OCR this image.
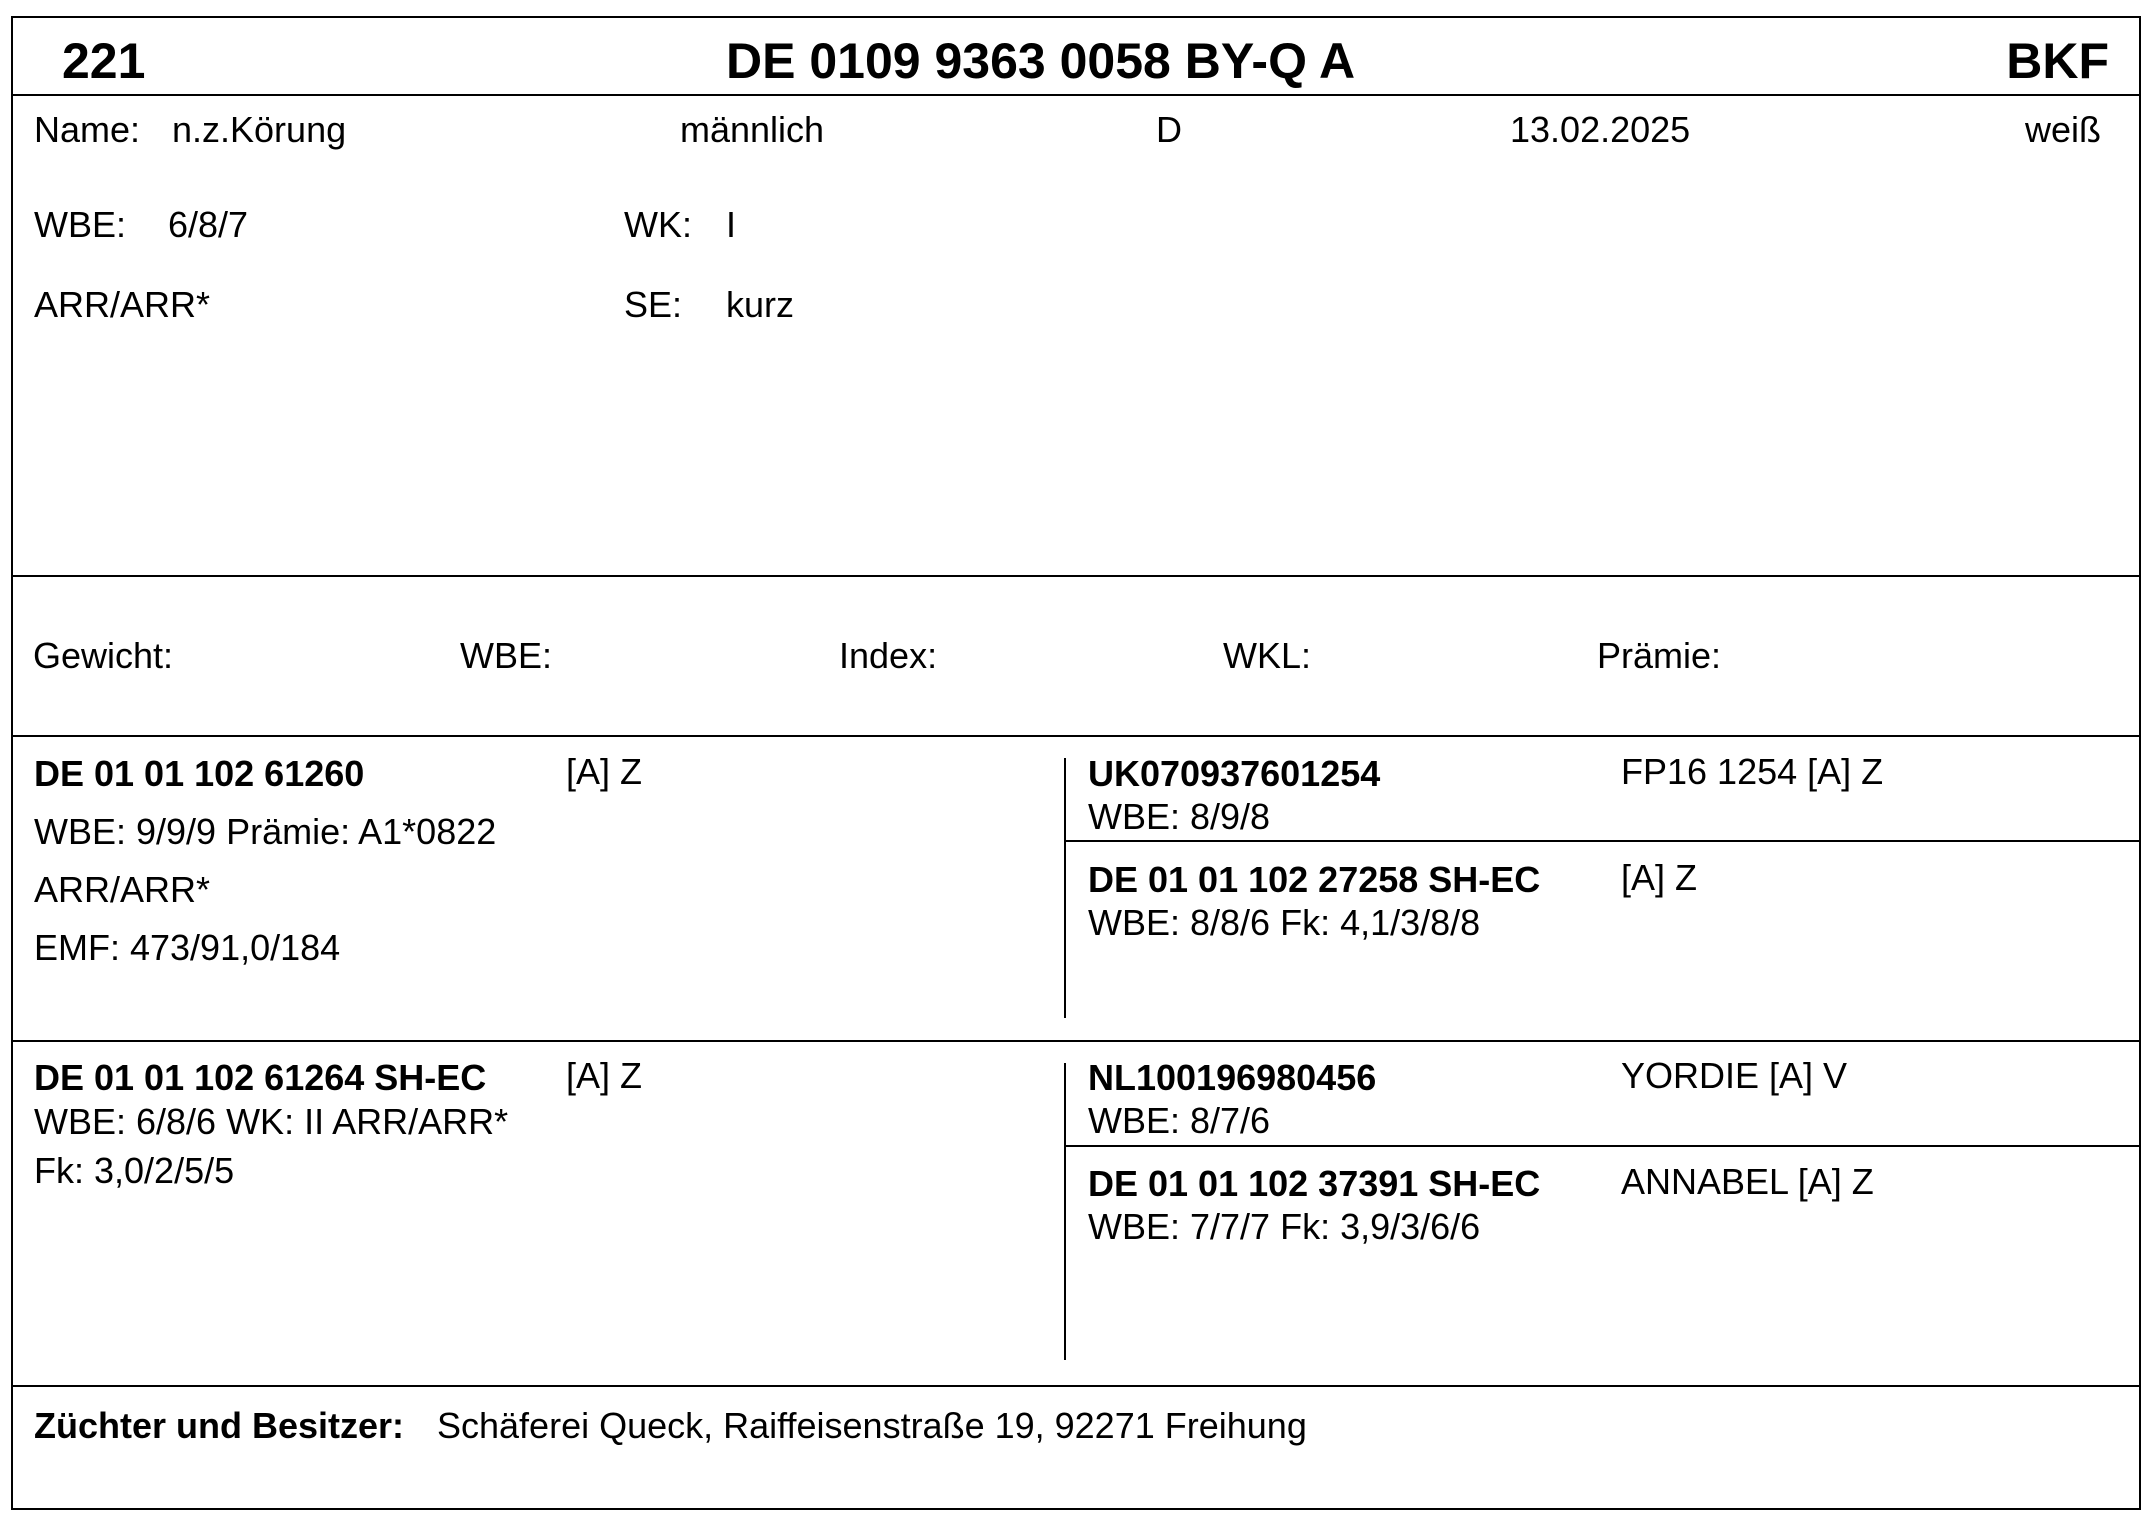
221	DE 0109 9363 0058 BY-Q A	BKF
Name: n.z.Körung	männlich	D	13.02.2025	weiß
WBE: 6/8/7	WK: I
ARR/ARR*	SE: kurz
Gewicht:	WBE:	Index:	WKL:	Prämie:
DE 01 01 102 61260	[A] Z
WBE: 9/9/9 Prämie: A1*0822
ARR/ARR*
EMF: 473/91,0/184
UK070937601254	FP16 1254 [A] Z
WBE: 8/9/8
DE 01 01 102 27258 SH-EC [A] Z
WBE: 8/8/6 Fk: 4,1/3/8/8
DE 01 01 102 61264 SH-EC [A] Z
WBE: 6/8/6 WK: II ARR/ARR*
Fk: 3,0/2/5/5
NL100196980456	YORDIE [A] V
WBE: 8/7/6
DE 01 01 102 37391 SH-EC ANNABEL [A] Z
WBE: 7/7/7 Fk: 3,9/3/6/6
Züchter und Besitzer: Schäferei Queck, Raiffeisenstraße 19, 92271 Freihung
